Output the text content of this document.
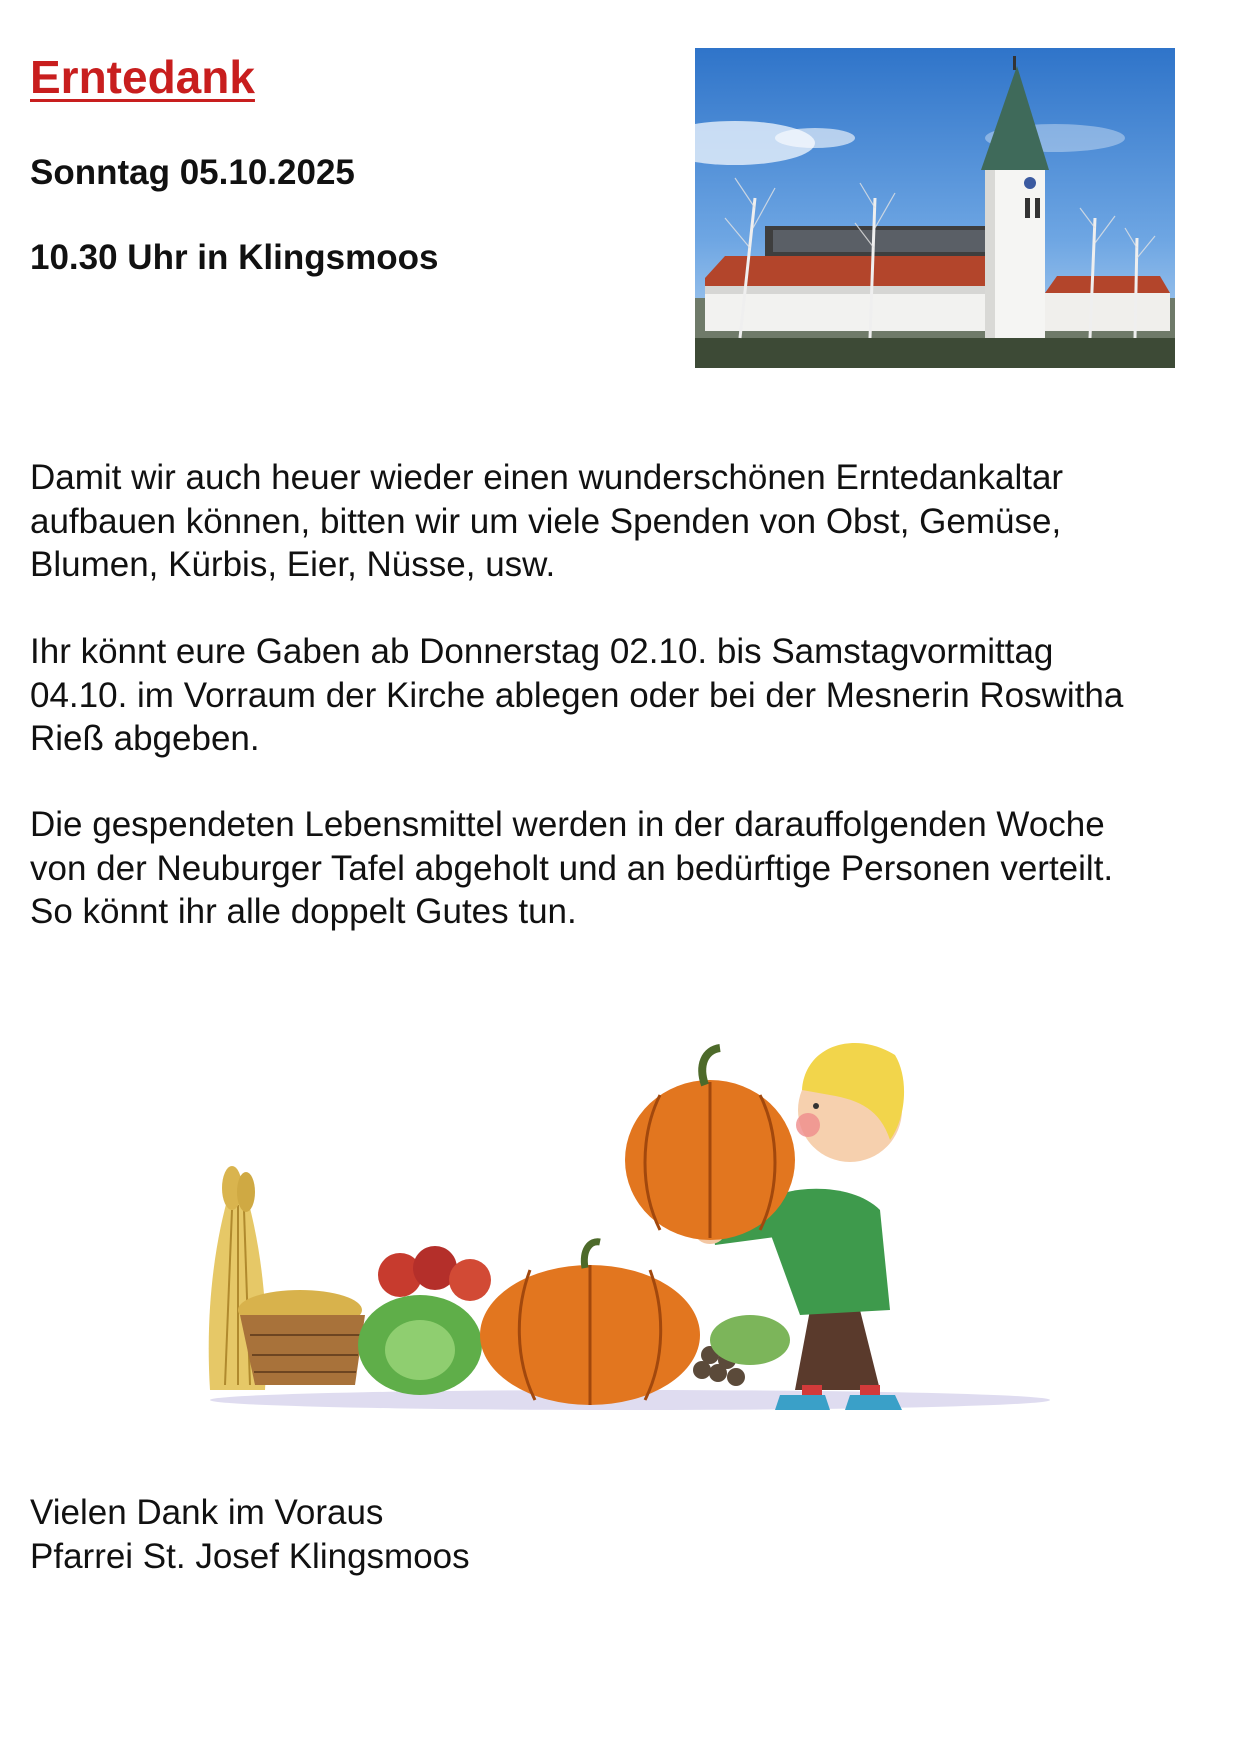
Erntedank

Sonntag 05.10.2025

10.30 Uhr in Klingsmoos

Damit wir auch heuer wieder einen wunderschönen Erntedankaltar
aufbauen können, bitten wir um viele Spenden von Obst, Gemüse,
Blumen, Kürbis, Eier, Nüsse, usw.

Ihr könnt eure Gaben ab Donnerstag 02.10. bis Samstagvormittag
04.10. im Vorraum der Kirche ablegen oder bei der Mesnerin Roswitha
Rieß abgeben.

Die gespendeten Lebensmittel werden in der darauffolgenden Woche
von der Neuburger Tafel abgeholt und an bedürftige Personen verteilt.
So könnt ihr alle doppelt Gutes tun.

Vielen Dank im Voraus
Pfarrei St. Josef Klingsmoos
